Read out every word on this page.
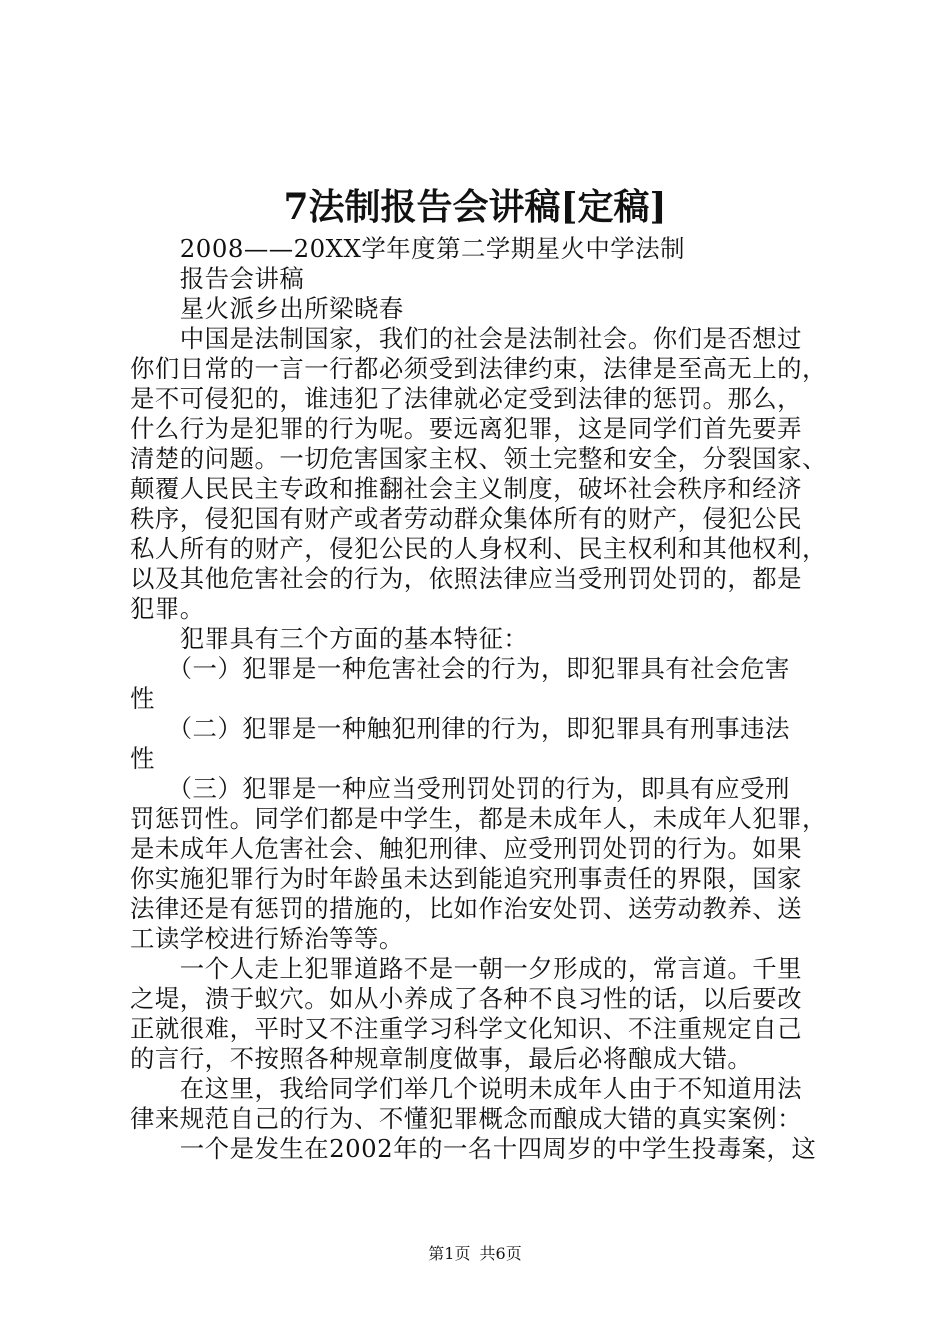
7法制报告会讲稿[定稿]

　　2008——20XX学年度第二学期星火中学法制

　　报告会讲稿

　　星火派乡出所梁晓春

　　中国是法制国家，我们的社会是法制社会。你们是否想过

你们日常的一言一行都必须受到法律约束，法律是至高无上的，

是不可侵犯的，谁违犯了法律就必定受到法律的惩罚。那么，

什么行为是犯罪的行为呢。要远离犯罪，这是同学们首先要弄

清楚的问题。一切危害国家主权、领土完整和安全，分裂国家、

颠覆人民民主专政和推翻社会主义制度，破坏社会秩序和经济

秩序，侵犯国有财产或者劳动群众集体所有的财产，侵犯公民

私人所有的财产，侵犯公民的人身权利、民主权利和其他权利，

以及其他危害社会的行为，依照法律应当受刑罚处罚的，都是

犯罪。

　　犯罪具有三个方面的基本特征：

　　（一）犯罪是一种危害社会的行为，即犯罪具有社会危害

性

　　（二）犯罪是一种触犯刑律的行为，即犯罪具有刑事违法

性

　　（三）犯罪是一种应当受刑罚处罚的行为，即具有应受刑

罚惩罚性。同学们都是中学生，都是未成年人，未成年人犯罪，

是未成年人危害社会、触犯刑律、应受刑罚处罚的行为。如果

你实施犯罪行为时年龄虽未达到能追究刑事责任的界限，国家

法律还是有惩罚的措施的，比如作治安处罚、送劳动教养、送

工读学校进行矫治等等。

　　一个人走上犯罪道路不是一朝一夕形成的，常言道。千里

之堤，溃于蚁穴。如从小养成了各种不良习性的话，以后要改

正就很难，平时又不注重学习科学文化知识、不注重规定自己

的言行，不按照各种规章制度做事，最后必将酿成大错。

　　在这里，我给同学们举几个说明未成年人由于不知道用法

律来规范自己的行为、不懂犯罪概念而酿成大错的真实案例：

　　一个是发生在2002年的一名十四周岁的中学生投毒案，这

第1页 共6页
